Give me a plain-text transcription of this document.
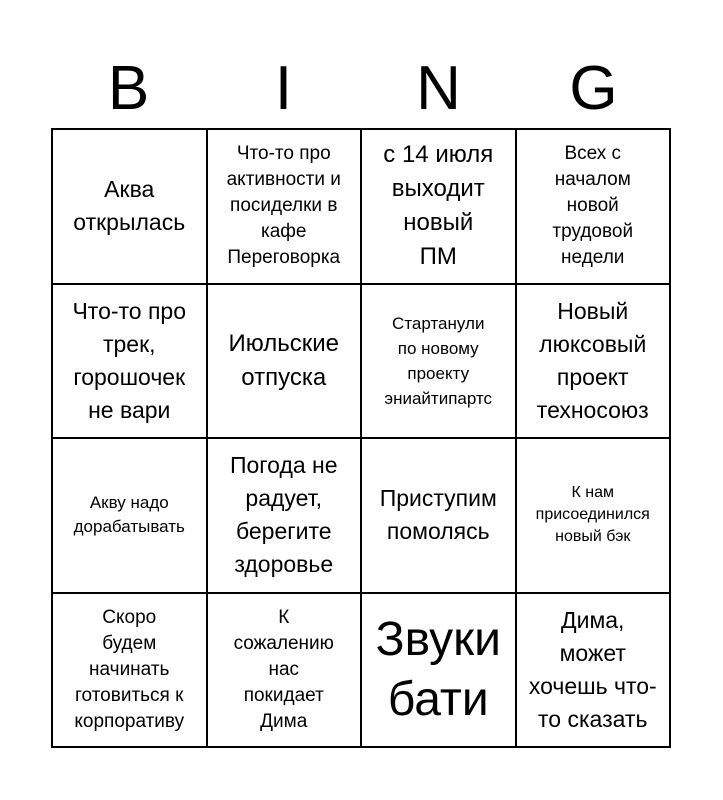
B	I	N	G
Аква
открылась
Что-то про
активности и
посиделки в
кафе
Переговорка
с 14 июля
выходит
новый
ПМ
Всех с
началом
новой
трудовой
недели
Что-то про
трек,
горошочек
не вари
Июльские
отпуска
Стартанули
по новому
проекту
эниайтипартс
Новый
люксовый
проект
техносоюз
Акву надо
дорабатывать
Погода не
радует,
берегите
здоровье
Приступим
помолясь
К нам
присоединился
новый бэк
Скоро
будем
начинать
готовиться к
корпоративу
К
сожалению
нас
покидает
Дима
Звуки
бати
Дима,
может
хочешь что-
то сказать
